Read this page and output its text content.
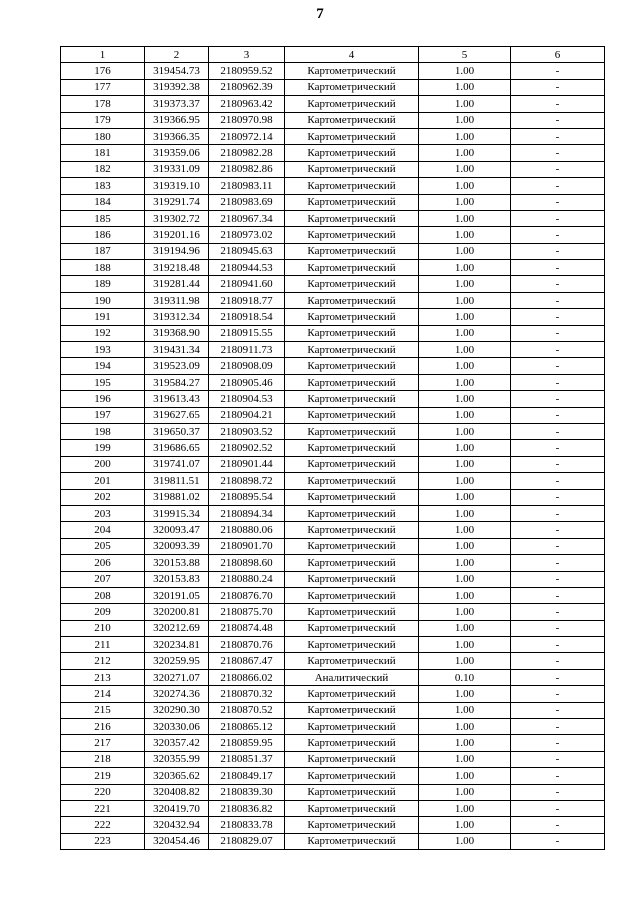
7
1	2	3	4	5	6
176	319454.73	2180959.52	Картометрический	1.00	-
177	319392.38	2180962.39	Картометрический	1.00	-
178	319373.37	2180963.42	Картометрический	1.00	-
179	319366.95	2180970.98	Картометрический	1.00	-
180	319366.35	2180972.14	Картометрический	1.00	-
181	319359.06	2180982.28	Картометрический	1.00	-
182	319331.09	2180982.86	Картометрический	1.00	-
183	319319.10	2180983.11	Картометрический	1.00	-
184	319291.74	2180983.69	Картометрический	1.00	-
185	319302.72	2180967.34	Картометрический	1.00	-
186	319201.16	2180973.02	Картометрический	1.00	-
187	319194.96	2180945.63	Картометрический	1.00	-
188	319218.48	2180944.53	Картометрический	1.00	-
189	319281.44	2180941.60	Картометрический	1.00	-
190	319311.98	2180918.77	Картометрический	1.00	-
191	319312.34	2180918.54	Картометрический	1.00	-
192	319368.90	2180915.55	Картометрический	1.00	-
193	319431.34	2180911.73	Картометрический	1.00	-
194	319523.09	2180908.09	Картометрический	1.00	-
195	319584.27	2180905.46	Картометрический	1.00	-
196	319613.43	2180904.53	Картометрический	1.00	-
197	319627.65	2180904.21	Картометрический	1.00	-
198	319650.37	2180903.52	Картометрический	1.00	-
199	319686.65	2180902.52	Картометрический	1.00	-
200	319741.07	2180901.44	Картометрический	1.00	-
201	319811.51	2180898.72	Картометрический	1.00	-
202	319881.02	2180895.54	Картометрический	1.00	-
203	319915.34	2180894.34	Картометрический	1.00	-
204	320093.47	2180880.06	Картометрический	1.00	-
205	320093.39	2180901.70	Картометрический	1.00	-
206	320153.88	2180898.60	Картометрический	1.00	-
207	320153.83	2180880.24	Картометрический	1.00	-
208	320191.05	2180876.70	Картометрический	1.00	-
209	320200.81	2180875.70	Картометрический	1.00	-
210	320212.69	2180874.48	Картометрический	1.00	-
211	320234.81	2180870.76	Картометрический	1.00	-
212	320259.95	2180867.47	Картометрический	1.00	-
213	320271.07	2180866.02	Аналитический	0.10	-
214	320274.36	2180870.32	Картометрический	1.00	-
215	320290.30	2180870.52	Картометрический	1.00	-
216	320330.06	2180865.12	Картометрический	1.00	-
217	320357.42	2180859.95	Картометрический	1.00	-
218	320355.99	2180851.37	Картометрический	1.00	-
219	320365.62	2180849.17	Картометрический	1.00	-
220	320408.82	2180839.30	Картометрический	1.00	-
221	320419.70	2180836.82	Картометрический	1.00	-
222	320432.94	2180833.78	Картометрический	1.00	-
223	320454.46	2180829.07	Картометрический	1.00	-
